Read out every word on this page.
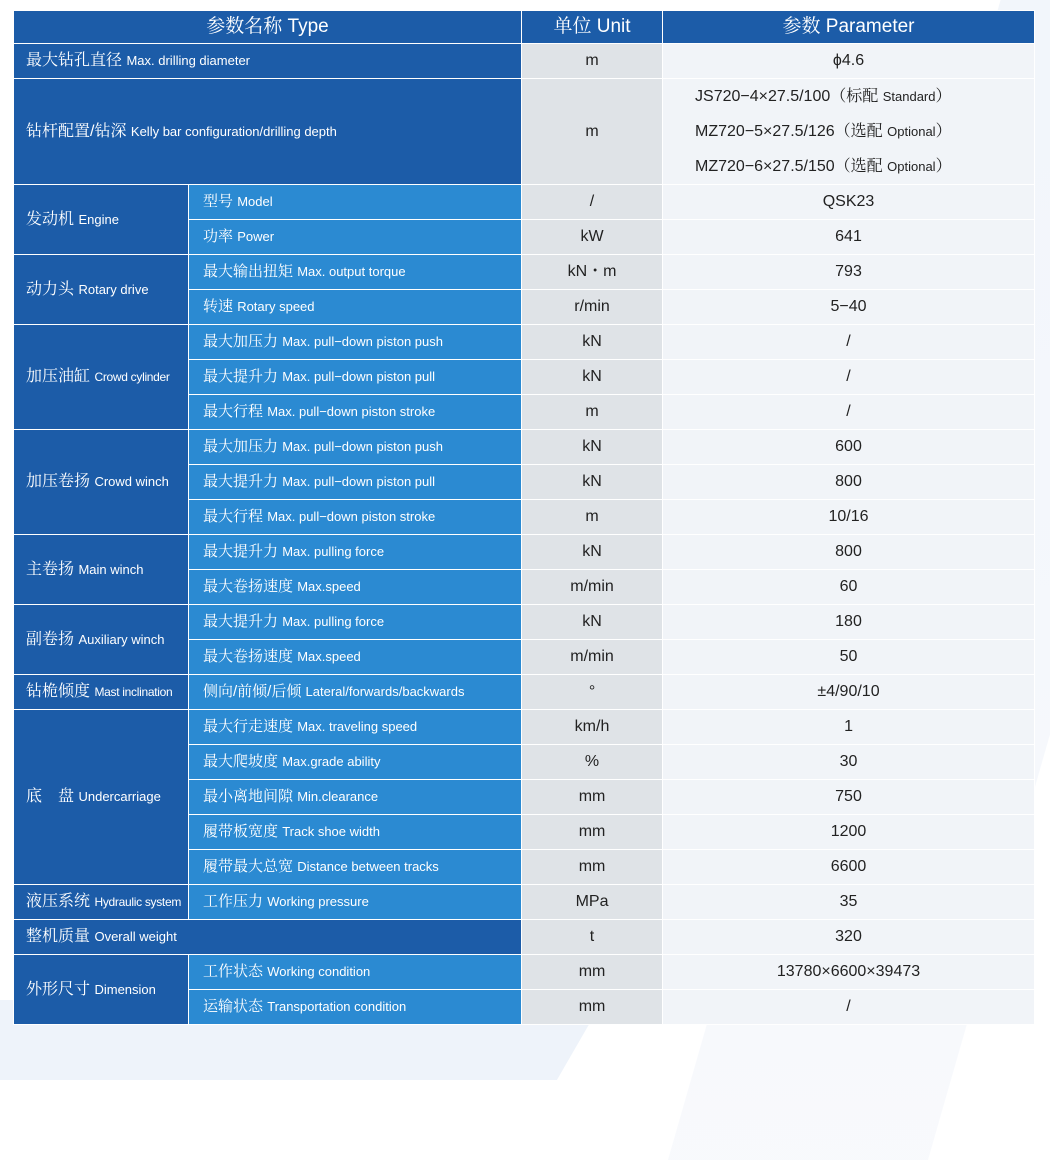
参数名称 Type		单位 Unit	参数 Parameter
最大钻孔直径 Max. drilling diameter		m	ϕ4.6
钻杆配置/钻深 Kelly bar configuration/drilling depth		m	JS720−4×27.5/100（标配 Standard）
MZ720−5×27.5/126（选配 Optional）
MZ720−6×27.5/150（选配 Optional）

发动机 Engine	型号 Model	/	QSK23
	功率 Power	kW	641
动力头 Rotary drive	最大输出扭矩 Max. output torque	kN・m	793
	转速 Rotary speed	r/min	5−40
加压油缸 Crowd cylinder	最大加压力 Max. pull−down piston push	kN	/
	最大提升力 Max. pull−down piston pull	kN	/
	最大行程 Max. pull−down piston stroke	m	/
加压卷扬 Crowd winch	最大加压力 Max. pull−down piston push	kN	600
	最大提升力 Max. pull−down piston pull	kN	800
	最大行程 Max. pull−down piston stroke	m	10/16
主卷扬 Main winch	最大提升力 Max. pulling force	kN	800
	最大卷扬速度 Max.speed	m/min	60
副卷扬 Auxiliary winch	最大提升力 Max. pulling force	kN	180
	最大卷扬速度 Max.speed	m/min	50
钻桅倾度 Mast inclination	侧向/前倾/后倾 Lateral/forwards/backwards	°	±4/90/10
底　盘 Undercarriage	最大行走速度 Max. traveling speed	km/h	1
	最大爬坡度 Max.grade ability	%	30
	最小离地间隙 Min.clearance	mm	750
	履带板宽度 Track shoe width	mm	1200
	履带最大总宽 Distance between tracks	mm	6600
液压系统 Hydraulic system	工作压力 Working pressure	MPa	35
整机质量 Overall weight		t	320
外形尺寸 Dimension	工作状态 Working condition	mm	13780×6600×39473
	运输状态 Transportation condition	mm	/
